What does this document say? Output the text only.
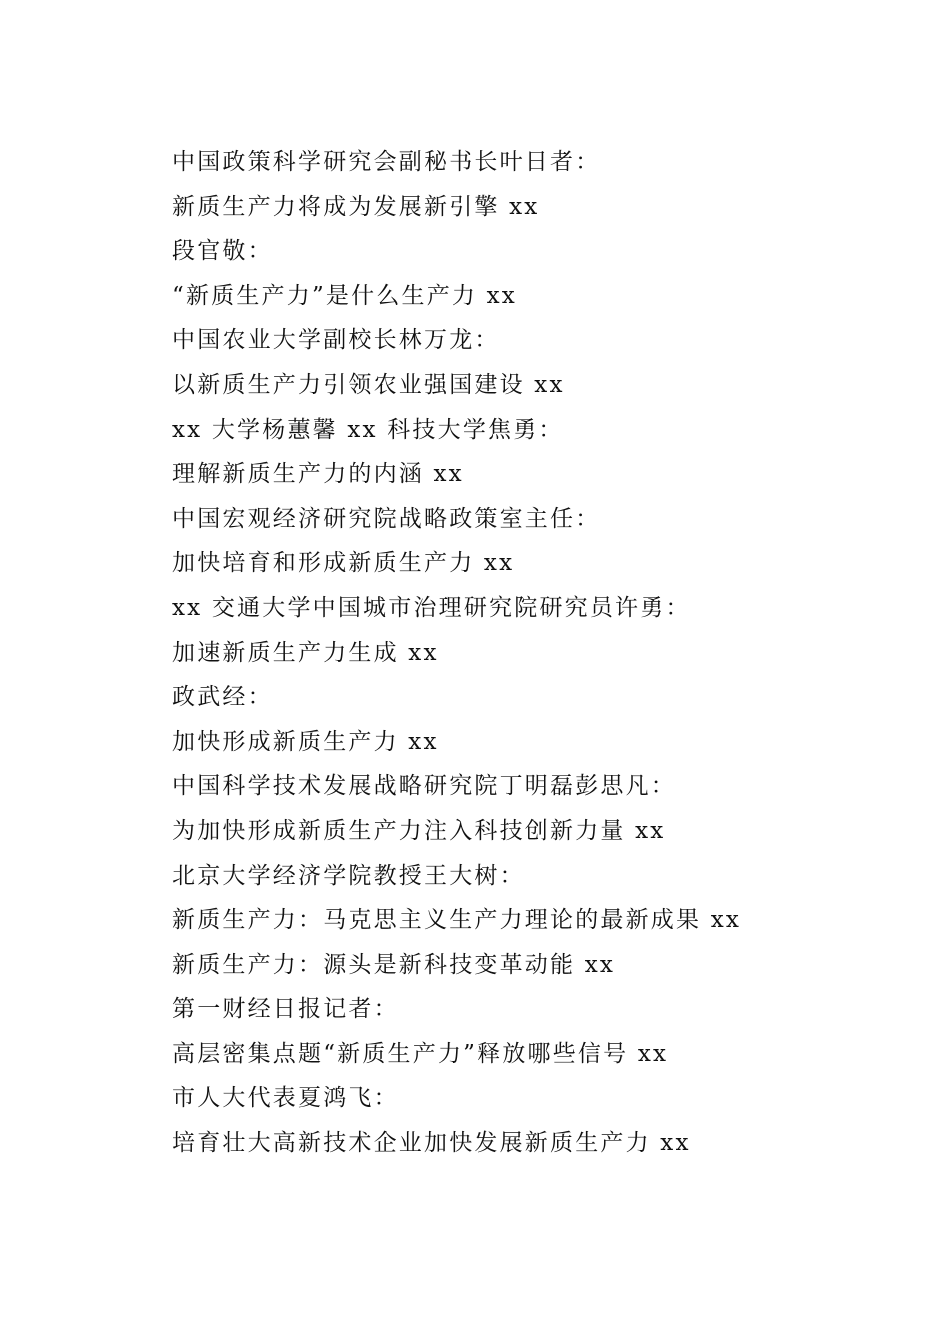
中国政策科学研究会副秘书长叶日者：
新质生产力将成为发展新引擎 xx
段官敬：
“新质生产力”是什么生产力 xx
中国农业大学副校长林万龙：
以新质生产力引领农业强国建设 xx
xx 大学杨蕙馨 xx 科技大学焦勇：
理解新质生产力的内涵 xx
中国宏观经济研究院战略政策室主任：
加快培育和形成新质生产力 xx
xx 交通大学中国城市治理研究院研究员许勇：
加速新质生产力生成 xx
政武经：
加快形成新质生产力 xx
中国科学技术发展战略研究院丁明磊彭思凡：
为加快形成新质生产力注入科技创新力量 xx
北京大学经济学院教授王大树：
新质生产力：马克思主义生产力理论的最新成果 xx
新质生产力：源头是新科技变革动能 xx
第一财经日报记者：
高层密集点题“新质生产力”释放哪些信号 xx
市人大代表夏鸿飞：
培育壮大高新技术企业加快发展新质生产力 xx
